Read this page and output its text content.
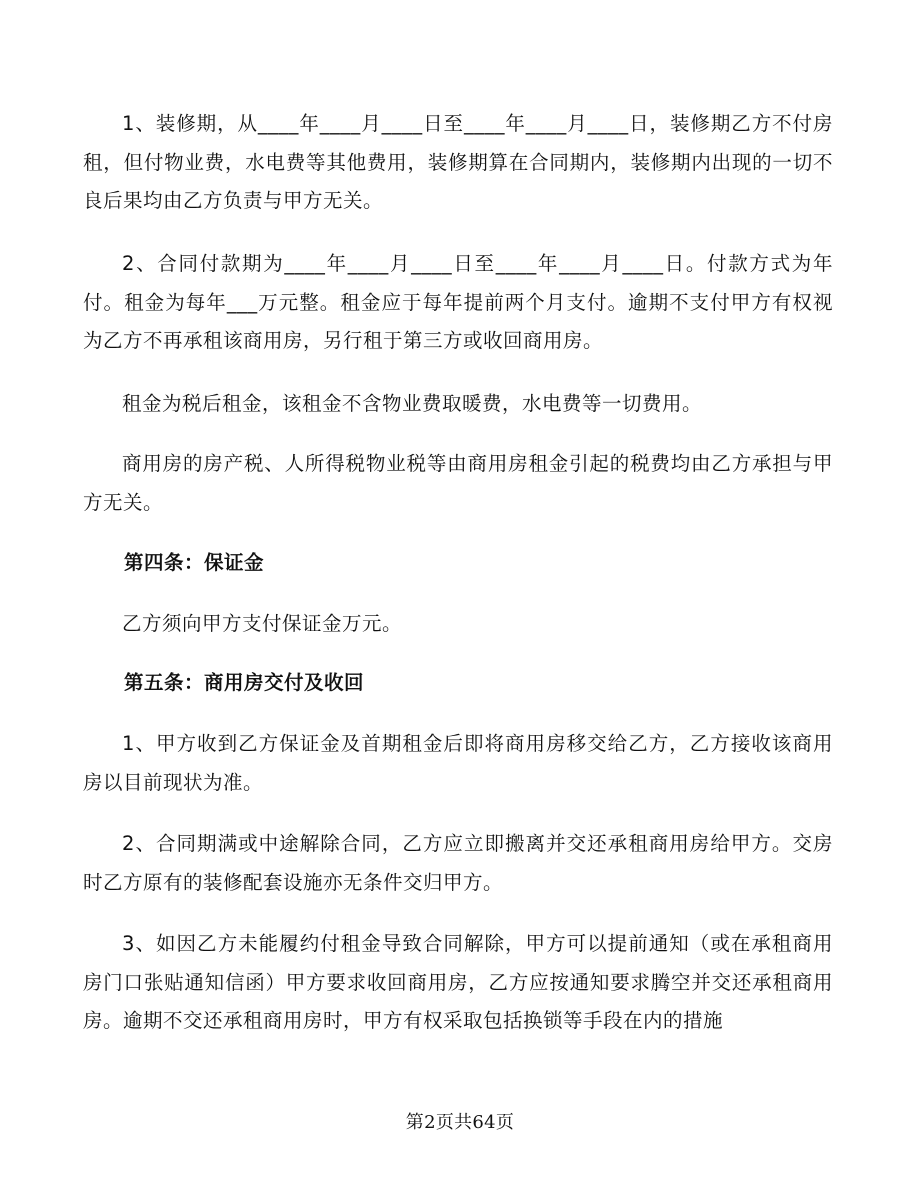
1、装修期，从____年____月____日至____年____月____日，装修期乙方不付房租，但付物业费，水电费等其他费用，装修期算在合同期内，装修期内出现的一切不良后果均由乙方负责与甲方无关。

2、合同付款期为____年____月____日至____年____月____日。付款方式为年付。租金为每年___万元整。租金应于每年提前两个月支付。逾期不支付甲方有权视为乙方不再承租该商用房，另行租于第三方或收回商用房。

租金为税后租金，该租金不含物业费取暖费，水电费等一切费用。

商用房的房产税、人所得税物业税等由商用房租金引起的税费均由乙方承担与甲方无关。

第四条：保证金

乙方须向甲方支付保证金万元。

第五条：商用房交付及收回

1、甲方收到乙方保证金及首期租金后即将商用房移交给乙方，乙方接收该商用房以目前现状为准。

2、合同期满或中途解除合同，乙方应立即搬离并交还承租商用房给甲方。交房时乙方原有的装修配套设施亦无条件交归甲方。

3、如因乙方未能履约付租金导致合同解除，甲方可以提前通知（或在承租商用房门口张贴通知信函）甲方要求收回商用房，乙方应按通知要求腾空并交还承租商用房。逾期不交还承租商用房时，甲方有权采取包括换锁等手段在内的措施

第2页共64页
